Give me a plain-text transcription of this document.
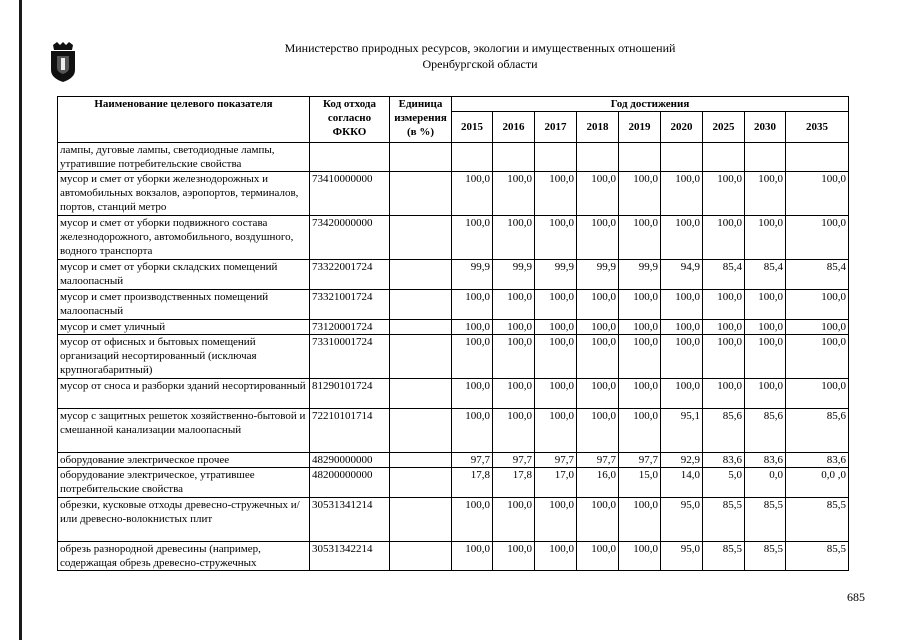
Министерство природных ресурсов, экологии и имущественных отношений
Оренбургской области
Наименование целевого показателя	Код отхода согласно ФККО	Единица измерения (в %)	Год достижения								
			2015	2016	2017	2018	2019	2020	2025	2030	2035
лампы, дуговые лампы, светодиодные лампы, утратившие потребительские свойства											
мусор и смет от уборки железнодорожных и автомобильных вокзалов, аэропортов, терминалов, портов, станций метро	73410000000		100,0	100,0	100,0	100,0	100,0	100,0	100,0	100,0	100,0
мусор и смет от уборки подвижного состава железнодорожного, автомобильного, воздушного, водного транспорта	73420000000		100,0	100,0	100,0	100,0	100,0	100,0	100,0	100,0	100,0
мусор и смет от уборки складских помещений малоопасный	73322001724		99,9	99,9	99,9	99,9	99,9	94,9	85,4	85,4	85,4
мусор и смет производственных помещений малоопасный	73321001724		100,0	100,0	100,0	100,0	100,0	100,0	100,0	100,0	100,0
мусор и смет уличный	73120001724		100,0	100,0	100,0	100,0	100,0	100,0	100,0	100,0	100,0
мусор от офисных и бытовых помещений организаций несортированный (исключая крупногабаритный)	73310001724		100,0	100,0	100,0	100,0	100,0	100,0	100,0	100,0	100,0
мусор от сноса и разборки зданий несортированный	81290101724		100,0	100,0	100,0	100,0	100,0	100,0	100,0	100,0	100,0
мусор с защитных решеток хозяйственно-бытовой и смешанной канализации малоопасный	72210101714		100,0	100,0	100,0	100,0	100,0	95,1	85,6	85,6	85,6
оборудование электрическое прочее	48290000000		97,7	97,7	97,7	97,7	97,7	92,9	83,6	83,6	83,6
оборудование электрическое, утратившее потребительские свойства	48200000000		17,8	17,8	17,0	16,0	15,0	14,0	5,0	0,0	0,0 ,0
обрезки, кусковые отходы древесно-стружечных и/или древесно-волокнистых плит	30531341214		100,0	100,0	100,0	100,0	100,0	95,0	85,5	85,5	85,5
обрезь разнородной древесины (например, содержащая обрезь древесно-стружечных	30531342214		100,0	100,0	100,0	100,0	100,0	95,0	85,5	85,5	85,5
685
